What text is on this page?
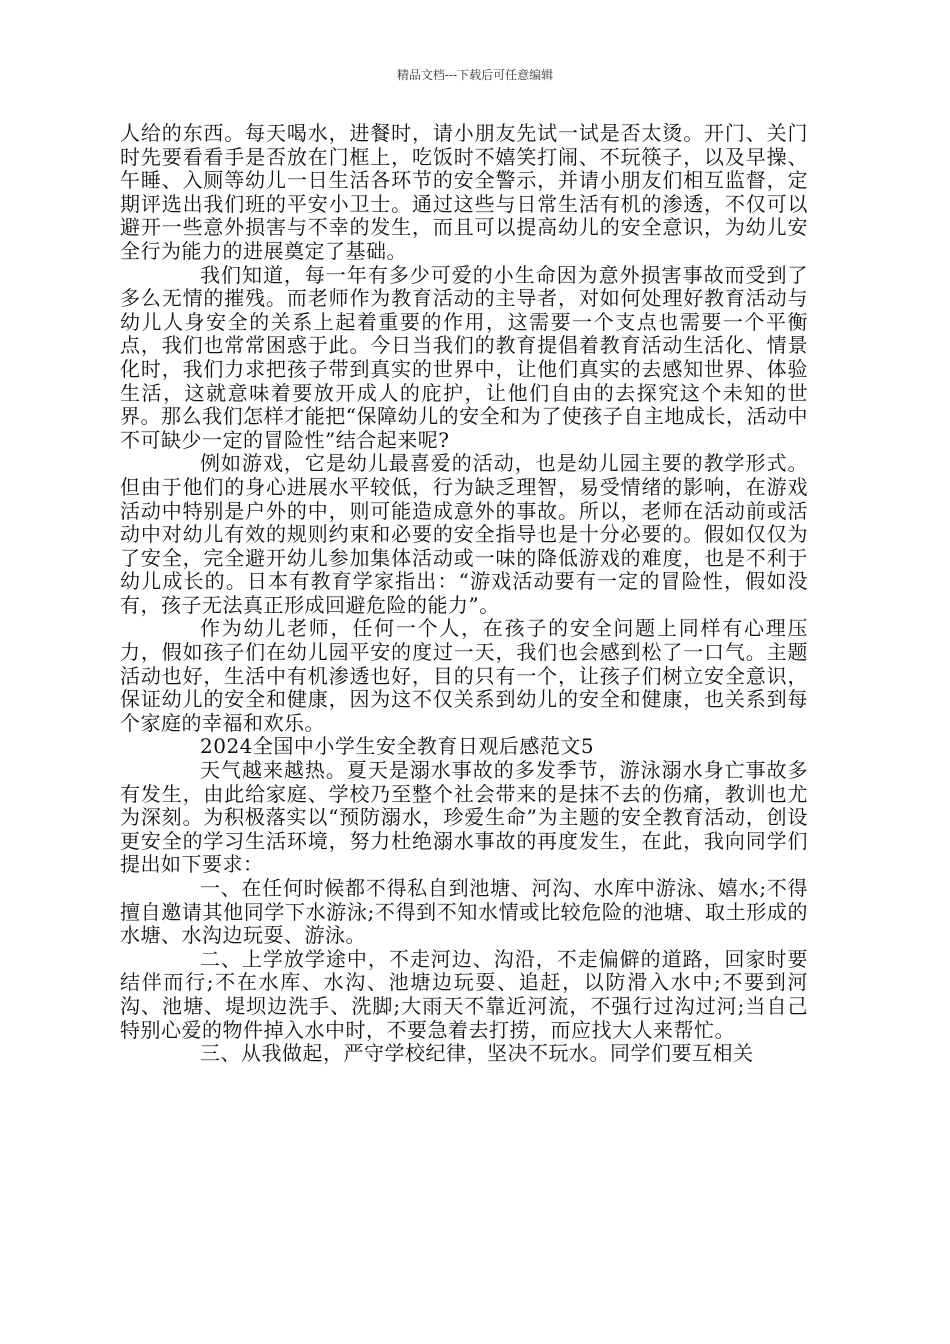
精品文档---下载后可任意编辑

人给的东西。每天喝水，进餐时，请小朋友先试一试是否太烫。开门、关门时先要看看手是否放在门框上，吃饭时不嬉笑打闹、不玩筷子，以及早操、午睡、入厕等幼儿一日生活各环节的安全警示，并请小朋友们相互监督，定期评选出我们班的平安小卫士。通过这些与日常生活有机的渗透，不仅可以避开一些意外损害与不幸的发生，而且可以提高幼儿的安全意识，为幼儿安全行为能力的进展奠定了基础。

我们知道，每一年有多少可爱的小生命因为意外损害事故而受到了多么无情的摧残。而老师作为教育活动的主导者，对如何处理好教育活动与幼儿人身安全的关系上起着重要的作用，这需要一个支点也需要一个平衡点，我们也常常困惑于此。今日当我们的教育提倡着教育活动生活化、情景化时，我们力求把孩子带到真实的世界中，让他们真实的去感知世界、体验生活，这就意味着要放开成人的庇护，让他们自由的去探究这个未知的世界。那么我们怎样才能把“保障幼儿的安全和为了使孩子自主地成长，活动中不可缺少一定的冒险性”结合起来呢?

例如游戏，它是幼儿最喜爱的活动，也是幼儿园主要的教学形式。但由于他们的身心进展水平较低，行为缺乏理智，易受情绪的影响，在游戏活动中特别是户外的中，则可能造成意外的事故。所以，老师在活动前或活动中对幼儿有效的规则约束和必要的安全指导也是十分必要的。假如仅仅为了安全，完全避开幼儿参加集体活动或一味的降低游戏的难度，也是不利于幼儿成长的。日本有教育学家指出：“游戏活动要有一定的冒险性，假如没有，孩子无法真正形成回避危险的能力”。

作为幼儿老师，任何一个人，在孩子的安全问题上同样有心理压力，假如孩子们在幼儿园平安的度过一天，我们也会感到松了一口气。主题活动也好，生活中有机渗透也好，目的只有一个，让孩子们树立安全意识，保证幼儿的安全和健康，因为这不仅关系到幼儿的安全和健康，也关系到每个家庭的幸福和欢乐。

2024全国中小学生安全教育日观后感范文5

天气越来越热。夏天是溺水事故的多发季节，游泳溺水身亡事故多有发生，由此给家庭、学校乃至整个社会带来的是抹不去的伤痛，教训也尤为深刻。为积极落实以“预防溺水，珍爱生命”为主题的安全教育活动，创设更安全的学习生活环境，努力杜绝溺水事故的再度发生，在此，我向同学们提出如下要求：

一、在任何时候都不得私自到池塘、河沟、水库中游泳、嬉水;不得擅自邀请其他同学下水游泳;不得到不知水情或比较危险的池塘、取土形成的水塘、水沟边玩耍、游泳。

二、上学放学途中，不走河边、沟沿，不走偏僻的道路，回家时要结伴而行;不在水库、水沟、池塘边玩耍、追赶，以防滑入水中;不要到河沟、池塘、堤坝边洗手、洗脚;大雨天不靠近河流，不强行过沟过河;当自己特别心爱的物件掉入水中时，不要急着去打捞，而应找大人来帮忙。

三、从我做起，严守学校纪律，坚决不玩水。同学们要互相关
